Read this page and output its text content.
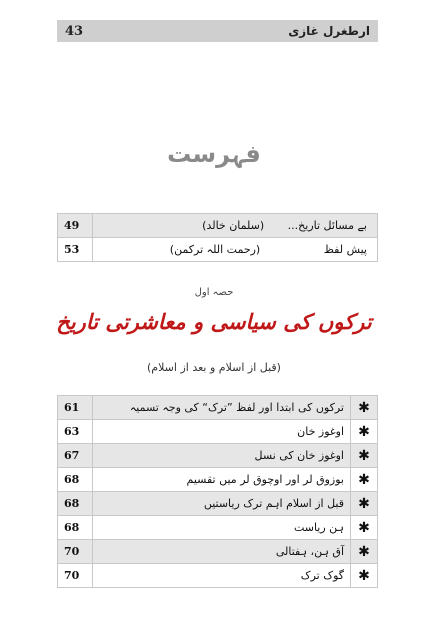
43	ارطغرل غازی
فہرست
49	بے مسائل تاریخ... (سلمان خالد)
53	پیش لفظ (رحمت اللہ ترکمن)
حصہ اول
ترکوں کی سیاسی و معاشرتی تاریخ
(قبل از اسلام و بعد از اسلام)
61	ترکوں کی ابتدا اور لفظ ”ترک“ کی وجہ تسمیہ	✱
63	اوغوز خان	✱
67	اوغوز خان کی نسل	✱
68	بوزوق لر اور اوچوق لر میں تقسیم	✱
68	قبل از اسلام اہم ترک ریاستیں	✱
68	ہن ریاست	✱
70	آق ہن، ہفتالی	✱
70	گوک ترک	✱
